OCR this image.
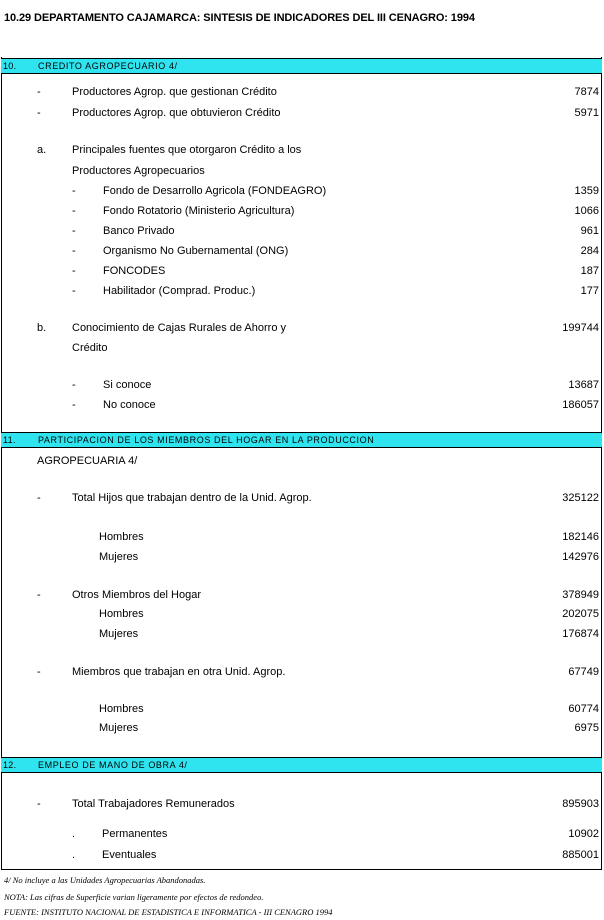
10.29 DEPARTAMENTO CAJAMARCA: SINTESIS DE INDICADORES DEL III CENAGRO: 1994
10. CREDITO AGROPECUARIO 4/
-	Productores Agrop. que gestionan Crédito	7874
-	Productores Agrop. que obtuvieron Crédito	5971
a. Principales fuentes que otorgaron Crédito a los
Productores Agropecuarios
- Fondo de Desarrollo Agricola (FONDEAGRO)	1359
- Fondo Rotatorio (Ministerio Agricultura)	1066
- Banco Privado	961
- Organismo No Gubernamental (ONG)	284
- FONCODES	187
- Habilitador (Comprad. Produc.)	177
b. Conocimiento de Cajas Rurales de Ahorro y	199744
Crédito
- Si conoce	13687
- No conoce	186057
11. PARTICIPACION DE LOS MIEMBROS DEL HOGAR EN LA PRODUCCION
AGROPECUARIA 4/
-	Total Hijos que trabajan dentro de la Unid. Agrop.	325122
Hombres	182146
Mujeres	142976
-	Otros Miembros del Hogar	378949
Hombres	202075
Mujeres	176874
-	Miembros que trabajan en otra Unid. Agrop.	67749
Hombres	60774
Mujeres	6975
12. EMPLEO DE MANO DE OBRA 4/
-	Total Trabajadores Remunerados	895903
. Permanentes	10902
. Eventuales	885001
4/ No incluye a las Unidades Agropecuarias Abandonadas.
NOTA: Las cifras de Superficie varian ligeramente por efectos de redondeo.
FUENTE: INSTITUTO NACIONAL DE ESTADISTICA E INFORMATICA - III CENAGRO 1994
